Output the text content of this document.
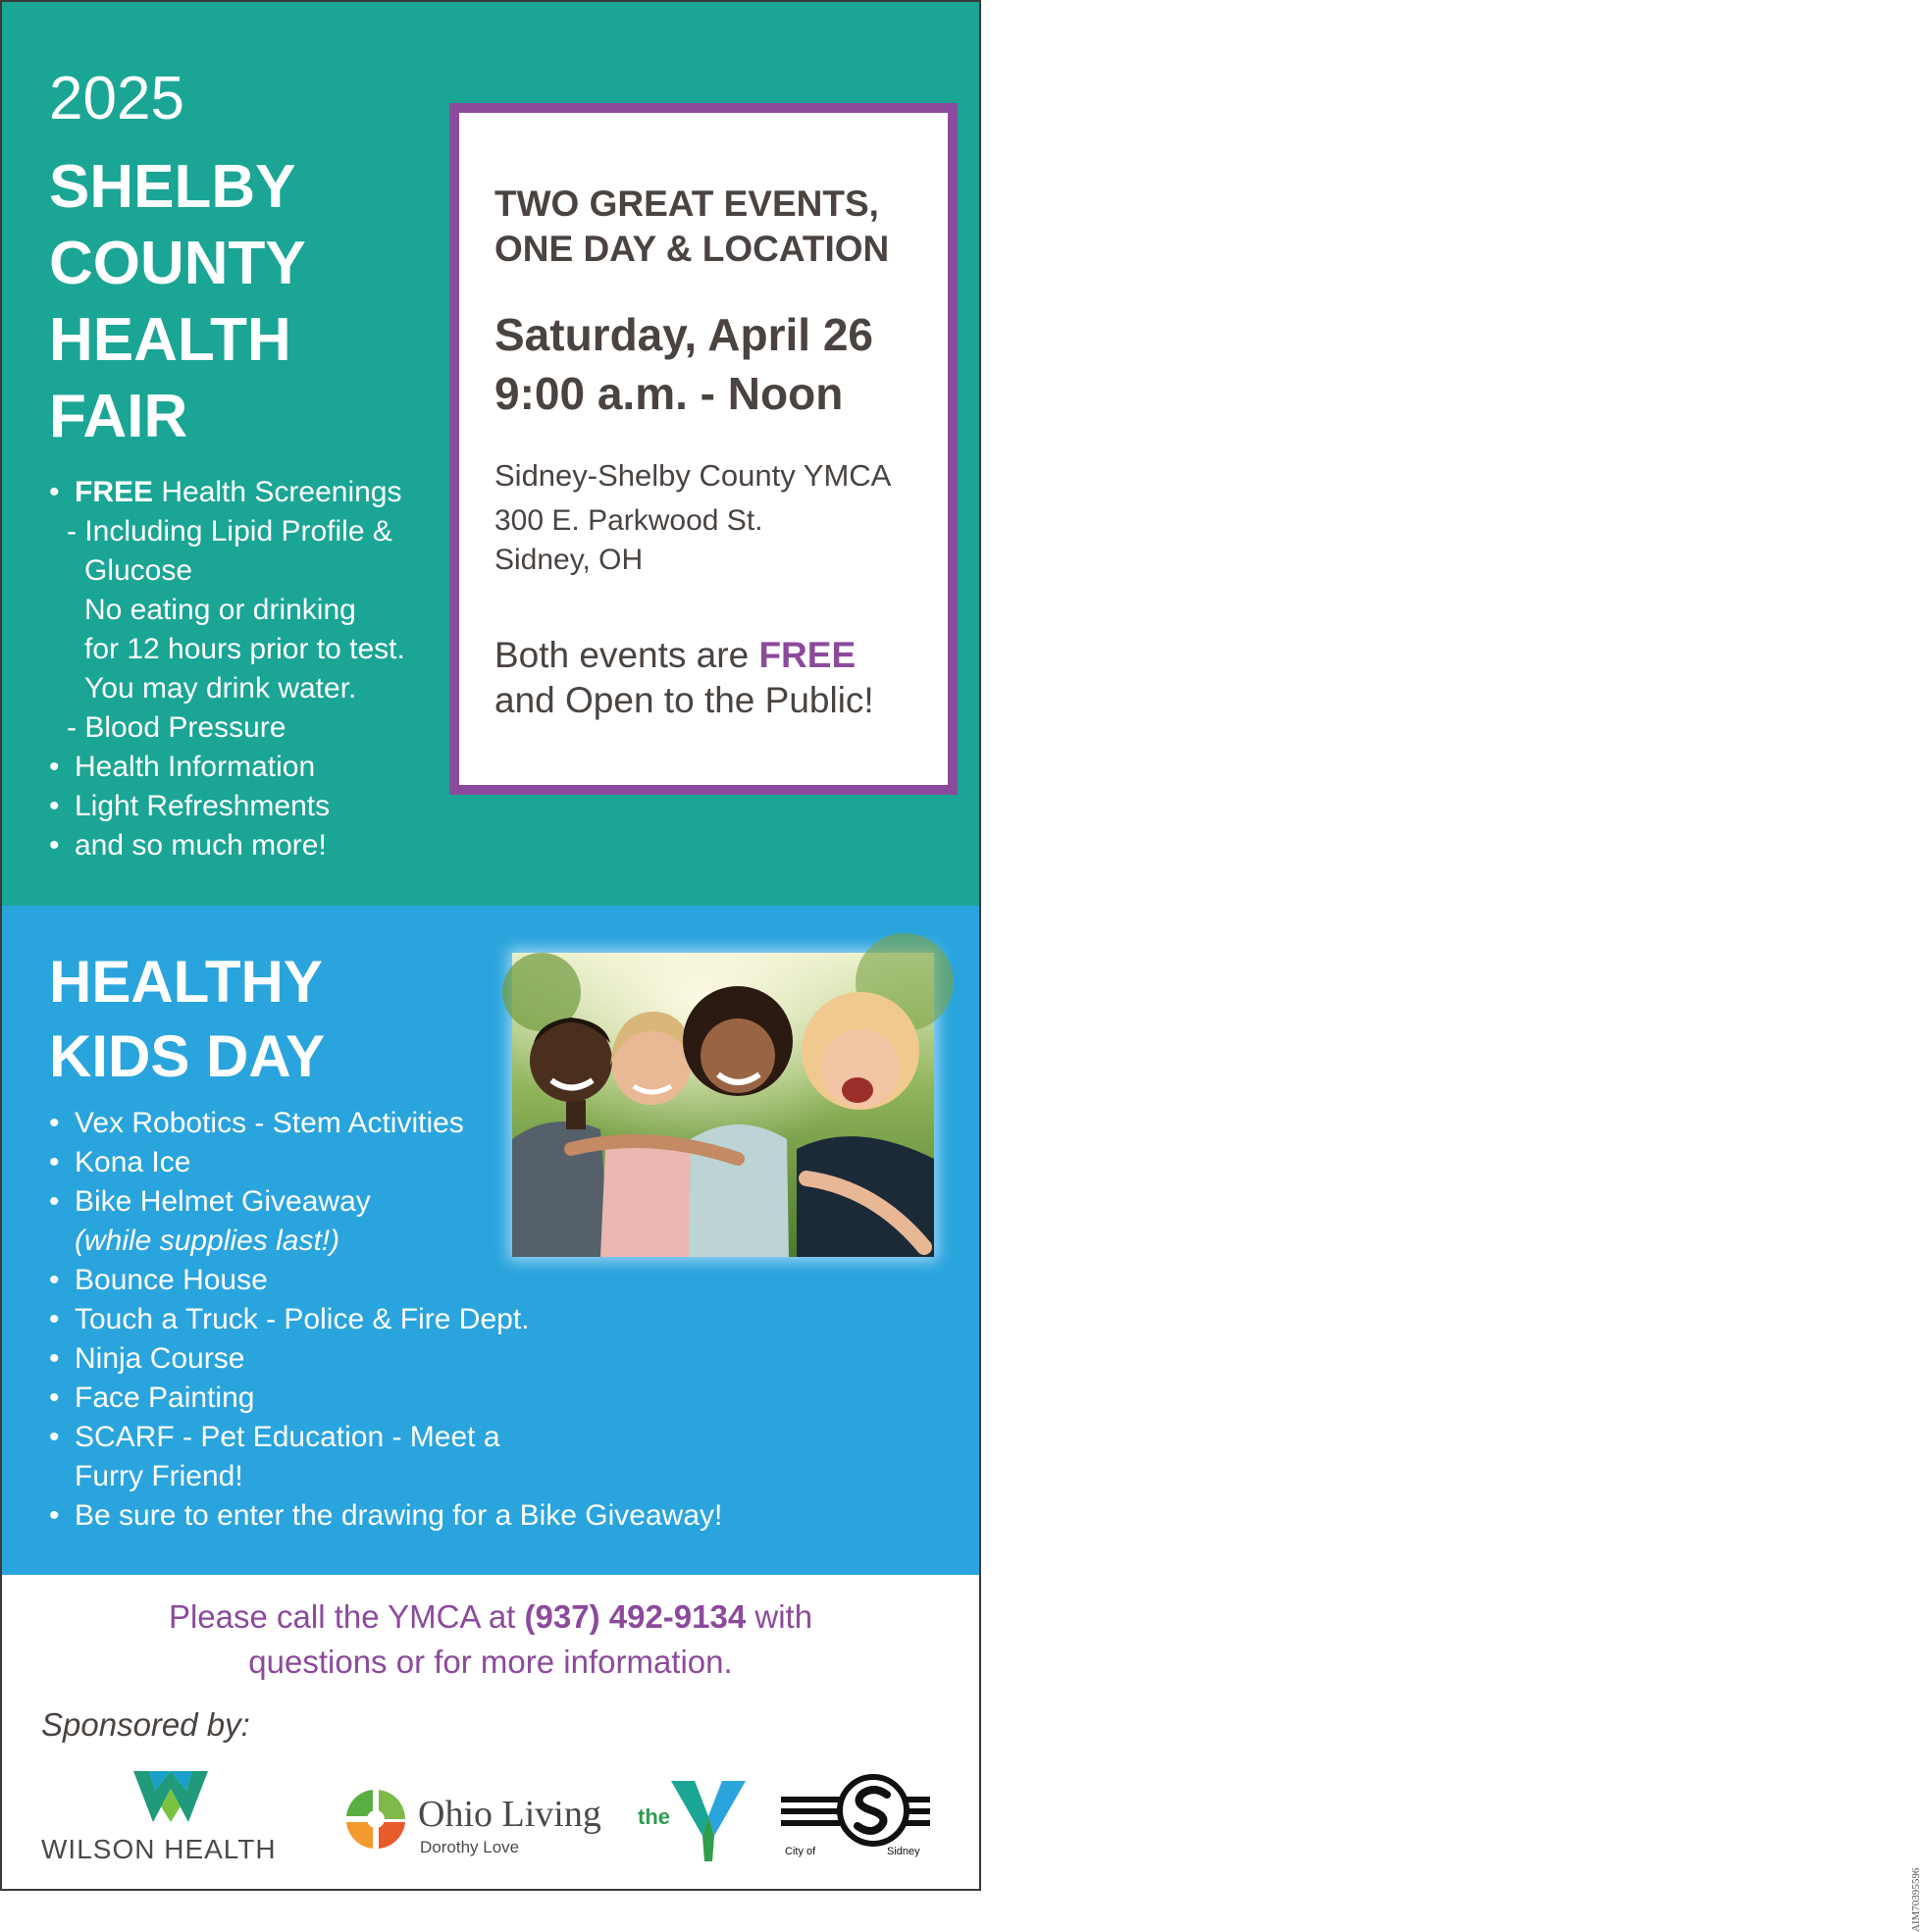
2025
SHELBY
COUNTY
HEALTH
FAIR
• FREE Health Screenings
- Including Lipid Profile &
Glucose
No eating or drinking
for 12 hours prior to test.
You may drink water.
- Blood Pressure
• Health Information
• Light Refreshments
• and so much more!
TWO GREAT EVENTS,
ONE DAY & LOCATION
Saturday, April 26
9:00 a.m. - Noon
Sidney-Shelby County YMCA
300 E. Parkwood St.
Sidney, OH
Both events are FREE
and Open to the Public!
HEALTHY
KIDS DAY
• Vex Robotics - Stem Activities
• Kona Ice
• Bike Helmet Giveaway
(while supplies last!)
• Bounce House
• Touch a Truck - Police & Fire Dept.
• Ninja Course
• Face Painting
• SCARF - Pet Education - Meet a
Furry Friend!
• Be sure to enter the drawing for a Bike Giveaway!
Please call the YMCA at (937) 492-9134 with
questions or for more information.
Sponsored by:
AIM70395596
WILSON HEALTH
Ohio Living
Dorothy Love
the
City of	Sidney
